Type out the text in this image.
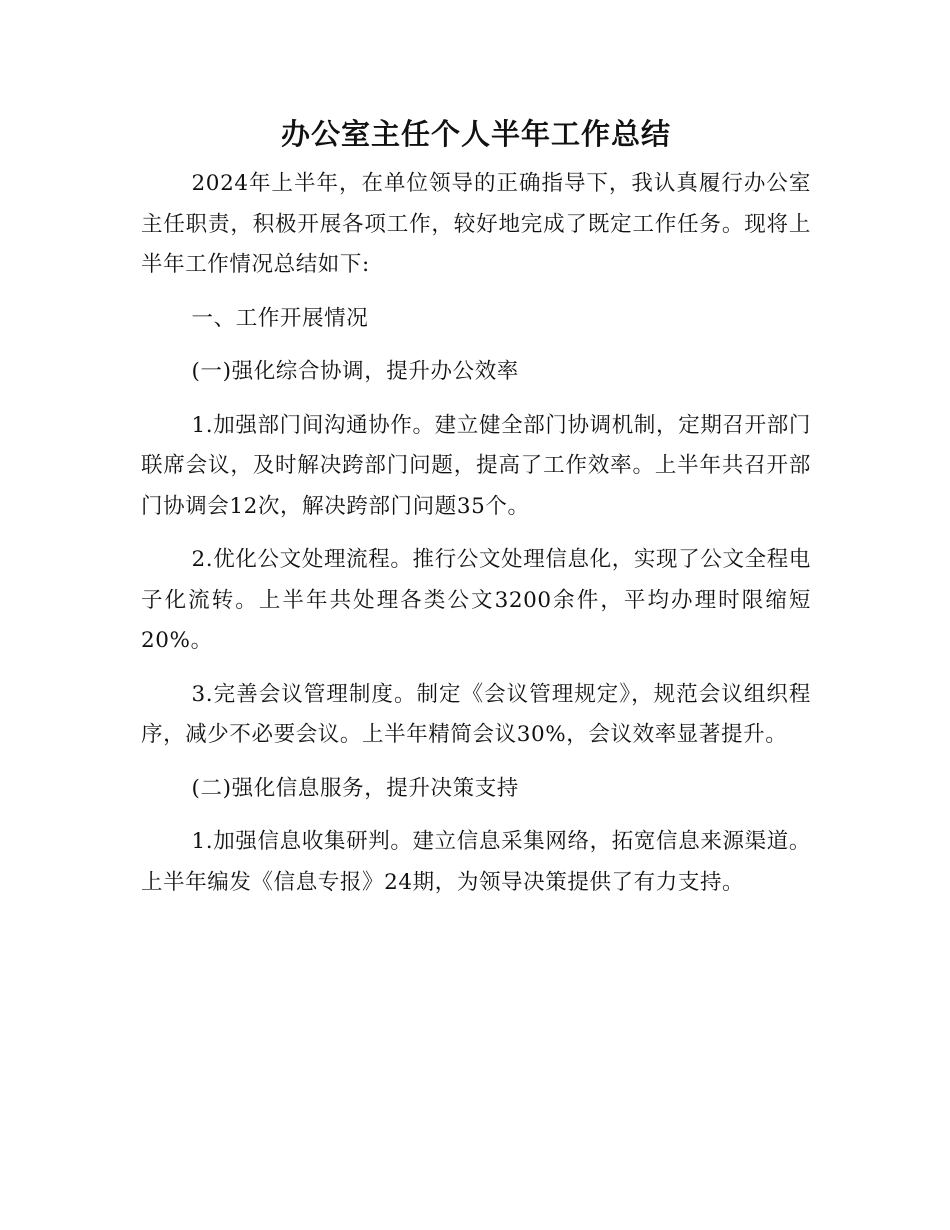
办公室主任个人半年工作总结

2024年上半年，在单位领导的正确指导下，我认真履行办公室主任职责，积极开展各项工作，较好地完成了既定工作任务。现将上半年工作情况总结如下:

一、工作开展情况

(一)强化综合协调，提升办公效率

1.加强部门间沟通协作。建立健全部门协调机制，定期召开部门联席会议，及时解决跨部门问题，提高了工作效率。上半年共召开部门协调会12次，解决跨部门问题35个。

2.优化公文处理流程。推行公文处理信息化，实现了公文全程电子化流转。上半年共处理各类公文3200余件，平均办理时限缩短20%。

3.完善会议管理制度。制定《会议管理规定》，规范会议组织程序，减少不必要会议。上半年精简会议30%，会议效率显著提升。

(二)强化信息服务，提升决策支持

1.加强信息收集研判。建立信息采集网络，拓宽信息来源渠道。上半年编发《信息专报》24期，为领导决策提供了有力支持。
